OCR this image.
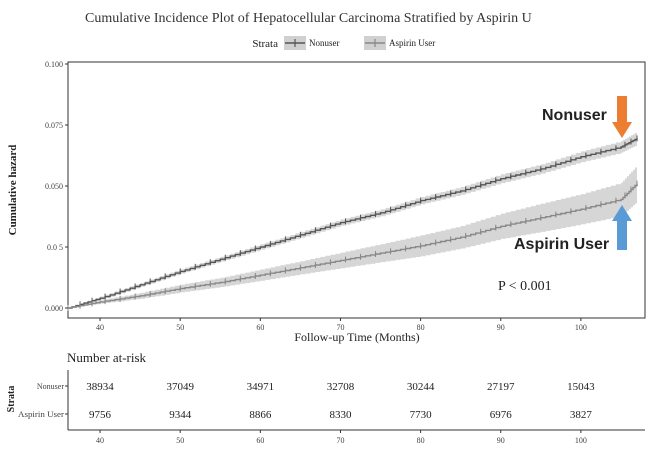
Cumulative Incidence Plot of Hepatocellular Carcinoma Stratified by Aspirin U
Strata	Nonuser	Aspirin User
0.000
0.0 5
0.050
0.075
0.100
40	50	60	70	80	90	100
Cumulative hazard
Follow-up Time (Months)
P < 0.001
Nonuser
Aspirin User
Number at-risk
Strata Nonuser
Aspirin User
40	50	60	70	80	90	100
38934	37049	34971	32708	30244	27197	15043
9756	9344	8866	8330	7730	6976	3827
